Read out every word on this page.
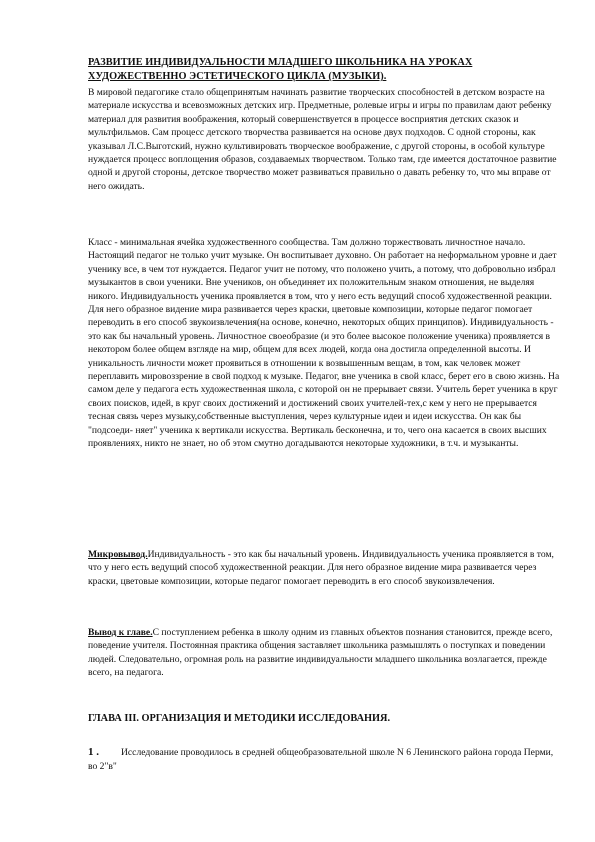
РАЗВИТИЕ ИНДИВИДУАЛЬНОСТИ МЛАДШЕГО ШКОЛЬНИКА НА УРОКАХ ХУДОЖЕСТВЕННО ЭСТЕТИЧЕСКОГО ЦИКЛА (МУЗЫКИ).
В мировой педагогике стало общепринятым начинать развитие творческих способностей в детском возрасте на материале искусства и всевозможных детских игр. Предметные, ролевые игры и игры по правилам дают ребенку материал для развития воображения, который совершенствуется в процессе восприятия детских сказок и мультфильмов. Сам процесс детского творчества развивается на основе двух подходов. С одной стороны, как указывал Л.С.Выготский, нужно культивировать творческое воображение, с другой стороны, в особой культуре нуждается процесс воплощения образов, создаваемых творчеством. Только там, где имеется достаточное развитие одной и другой стороны, детское творчество может развиваться правильно о давать ребенку то, что мы вправе от него ожидать.
Класс - минимальная ячейка художественного сообщества. Там должно торжествовать личностное начало. Настоящий педагог не только учит музыке. Он воспитывает духовно. Он работает на неформальном уровне и дает ученику все, в чем тот нуждается. Педагог учит не потому, что положено учить, а потому, что добровольно избрал музыкантов в свои ученики. Вне учеников, он объединяет их положительным знаком отношения, не выделяя никого. Индивидуальность ученика проявляется в том, что у него есть ведущий способ художественной реакции. Для него образное видение мира развивается через краски, цветовые композиции, которые педагог помогает переводить в его способ звукоизвлечения(на основе, конечно, некоторых общих принципов). Индивидуальность - это как бы начальный уровень. Личностное своеобразие (и это более высокое положение ученика) проявляется в некотором более общем взгляде на мир, общем для всех людей, когда она достигла определенной высоты. И уникальность личности может проявиться в отношении к возвышенным вещам, в том, как человек может переплавить мировоззрение в свой подход к музыке. Педагог, вне ученика в свой класс, берет его в свою жизнь. На самом деле у педагога есть художественная школа, с которой он не прерывает связи. Учитель берет ученика в круг своих поисков, идей, в круг своих достижений и достижений своих учителей-тех,с кем у него не прерывается тесная связь через музыку,собственные выступления, через культурные идеи и идеи искусства. Он как бы "подсоеди- няет" ученика к вертикали искусства. Вертикаль бесконечна, и то, чего она касается в своих высших проявлениях, никто не знает, но об этом смутно догадываются некоторые художники, в т.ч. и музыканты.
Микровывод.Индивидуальность - это как бы начальный уровень. Индивидуальность ученика проявляется в том, что у него есть ведущий способ художественной реакции. Для него образное видение мира развивается через краски, цветовые композиции, которые педагог помогает переводить в его способ звукоизвлечения.
Вывод к главе.С поступлением ребенка в школу одним из главных объектов познания становится, прежде всего, поведение учителя. Постоянная практика общения заставляет школьника размышлять о поступках и поведении людей. Следовательно, огромная роль на развитие индивидуальности младшего школьника возлагается, прежде всего, на педагога.
ГЛАВА III. ОРГАНИЗАЦИЯ И МЕТОДИКИ ИССЛЕДОВАНИЯ.
1 . Исследование проводилось в средней общеобразовательной школе N 6 Ленинского района города Перми, во 2"в"
